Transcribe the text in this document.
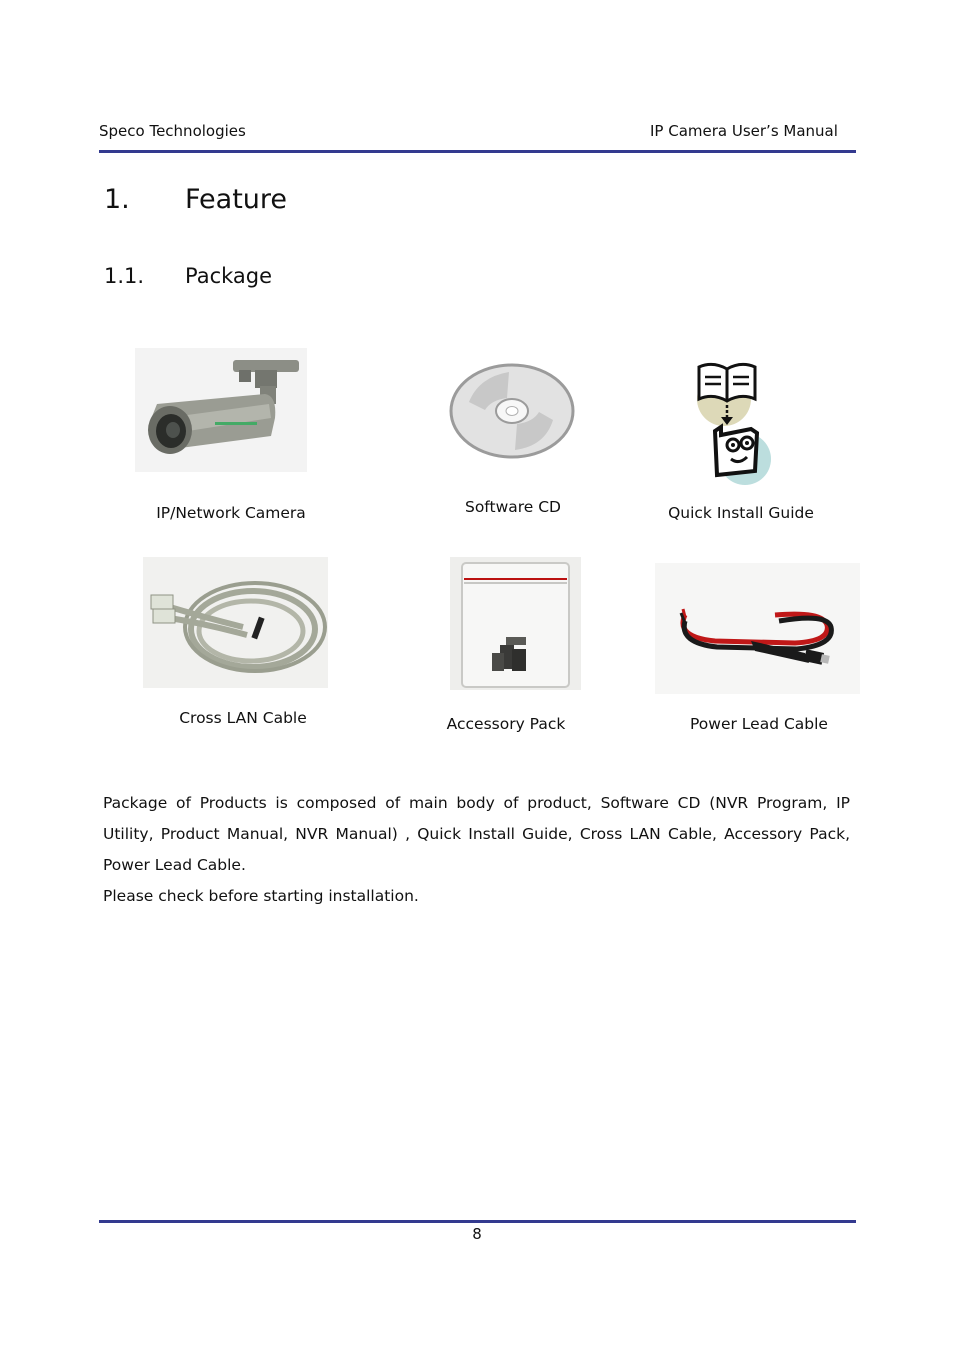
Speco Technologies	IP Camera User’s Manual
1. Feature
1.1. Package
IP/Network Camera	Software CD	Quick Install Guide
Cross LAN Cable	Accessory Pack	Power Lead Cable

Package of Products is composed of main body of product, Software CD (NVR Program, IP Utility, Product Manual, NVR Manual) , Quick Install Guide, Cross LAN Cable, Accessory Pack, Power Lead Cable.

Please check before starting installation.

8
